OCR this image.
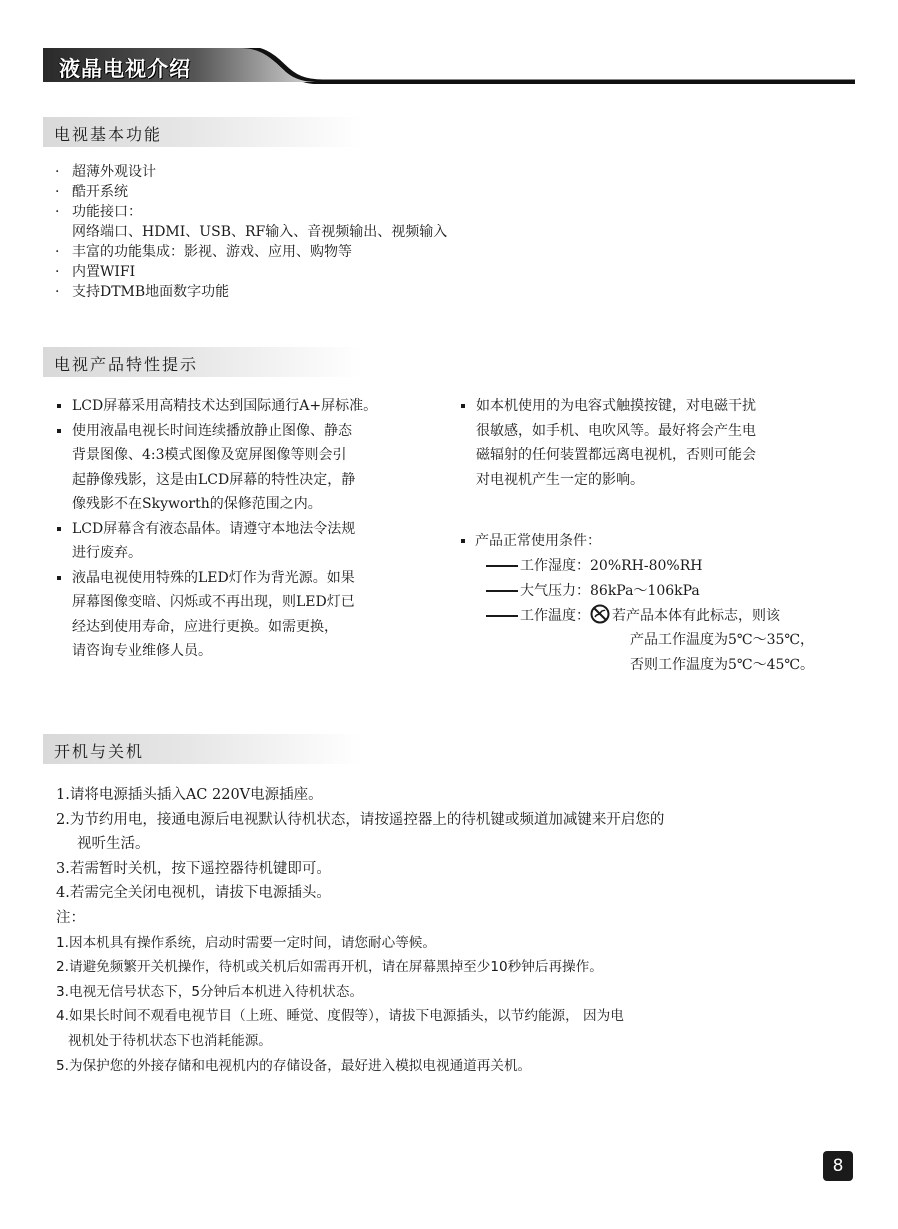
液晶电视介绍
电视基本功能
· 超薄外观设计
· 酷开系统
· 功能接口：
网络端口、HDMI、USB、RF输入、音视频输出、视频输入
· 丰富的功能集成：影视、游戏、应用、购物等
· 内置WIFI
· 支持DTMB地面数字功能
电视产品特性提示
LCD屏幕采用高精技术达到国际通行A+屏标准。
使用液晶电视长时间连续播放静止图像、静态
背景图像、4:3模式图像及宽屏图像等则会引
起静像残影，这是由LCD屏幕的特性决定，静
像残影不在Skyworth的保修范围之内。
LCD屏幕含有液态晶体。请遵守本地法令法规
进行废弃。
液晶电视使用特殊的LED灯作为背光源。如果
屏幕图像变暗、闪烁或不再出现，则LED灯已
经达到使用寿命，应进行更换。如需更换，
请咨询专业维修人员。
如本机使用的为电容式触摸按键，对电磁干扰
很敏感，如手机、电吹风等。最好将会产生电
磁辐射的任何装置都远离电视机，否则可能会
对电视机产生一定的影响。
产品正常使用条件：
工作湿度：20%RH-80%RH
大气压力：86kPa～106kPa
工作温度： 若产品本体有此标志，则该
产品工作温度为5℃～35℃，
否则工作温度为5℃～45℃。
开机与关机
1.请将电源插头插入AC 220V电源插座。
2.为节约用电，接通电源后电视默认待机状态，请按遥控器上的待机键或频道加减键来开启您的
视听生活。
3.若需暂时关机，按下遥控器待机键即可。
4.若需完全关闭电视机，请拔下电源插头。
注：
1.因本机具有操作系统，启动时需要一定时间，请您耐心等候。
2.请避免频繁开关机操作，待机或关机后如需再开机，请在屏幕黑掉至少10秒钟后再操作。
3.电视无信号状态下，5分钟后本机进入待机状态。
4.如果长时间不观看电视节目（上班、睡觉、度假等），请拔下电源插头，以节约能源， 因为电
视机处于待机状态下也消耗能源。
5.为保护您的外接存储和电视机内的存储设备，最好进入模拟电视通道再关机。
8
